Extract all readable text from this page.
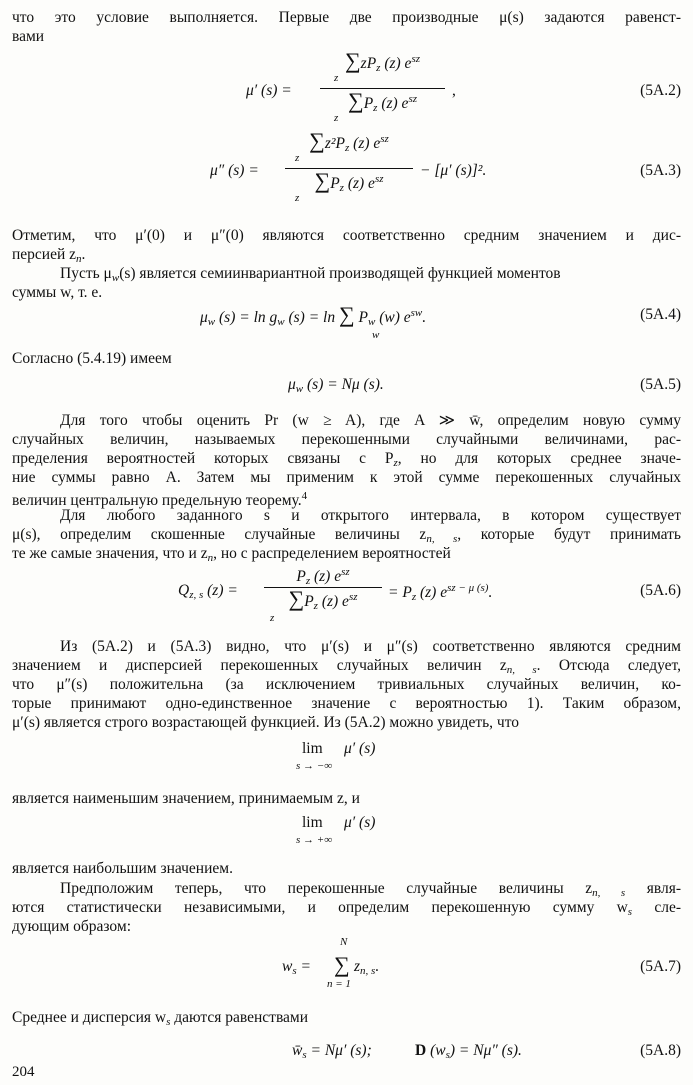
что это условие выполняется. Первые две производные μ(s) задаются равенст-
вами
μ′ (s) =
$\sum zP_z$ (z) $e^{sz}$
z
$\sum P_z$ (z) $e^{sz}$
z
,	(5A.2)
μ″ (s) =
$\sum z^2P_z$ (z) $e^{sz}$
z
$\sum P_z$ (z) $e^{sz}$
z
− [μ′ (s)]².	(5A.3)
Отметим, что μ′(0) и μ″(0) являются соответственно средним значением и дис-
персией $z_n$.
Пусть $\mu_w(s)$ является семиинвариантной производящей функцией моментов
суммы w, т. е.
$\mu_w$ $(s) = \ln g_w$ (s) = ln ∑ $P_w$ (w) $e^{sw}$.
w
(5A.4)
Согласно (5.4.19) имеем
$\mu_w$ (s) = Nμ (s).	(5A.5)
Для того чтобы оценить Pr (w ≥ A), где A ≫ w̄, определим новую сумму
случайных величин, называемых перекошенными случайными величинами, рас-
пределения вероятностей которых связаны с $P_z$, но для которых среднее значе-
ние суммы равно A. Затем мы применим к этой сумме перекошенных случайных
величин центральную предельную теорему.$^4$
Для любого заданного s и открытого интервала, в котором существует
μ(s), определим скошенные случайные величины $z_{n, s}$, которые будут принимать
те же самые значения, что и $z_n$, но с распределением вероятностей
$Q_{z, s}$ (z) =
$P_z$ (z) $e^{sz}$
$\sum P_z$ (z) $e^{sz}$
z
= $P_z$ (z) $e^{sz - \mu (s)}$.	(5A.6)
Из (5A.2) и (5A.3) видно, что μ′(s) и μ″(s) соответственно являются средним
значением и дисперсией перекошенных случайных величин $z_{n, s}$. Отсюда следует,
что μ″(s) положительна (за исключением тривиальных случайных величин, ко-
торые принимают одно-единственное значение с вероятностью 1). Таким образом,
μ′(s) является строго возрастающей функцией. Из (5A.2) можно увидеть, что
lim μ′ (s)
s → −∞
является наименьшим значением, принимаемым z, и
lim μ′ (s)
s → +∞
является наибольшим значением.
Предположим теперь, что перекошенные случайные величины $z_{n, s}$ явля-
ются статистически независимыми, и определим перекошенную сумму $w_s$ сле-
дующим образом:
$w_s$ =
N
∑
n = 1
$z_{n, s}$.	(5A.7)
Среднее и дисперсия $w_s$ даются равенствами
$w̄_s = N\mu'$ (s);	D $(w_s) = N\mu''$ (s).	(5A.8)
204
